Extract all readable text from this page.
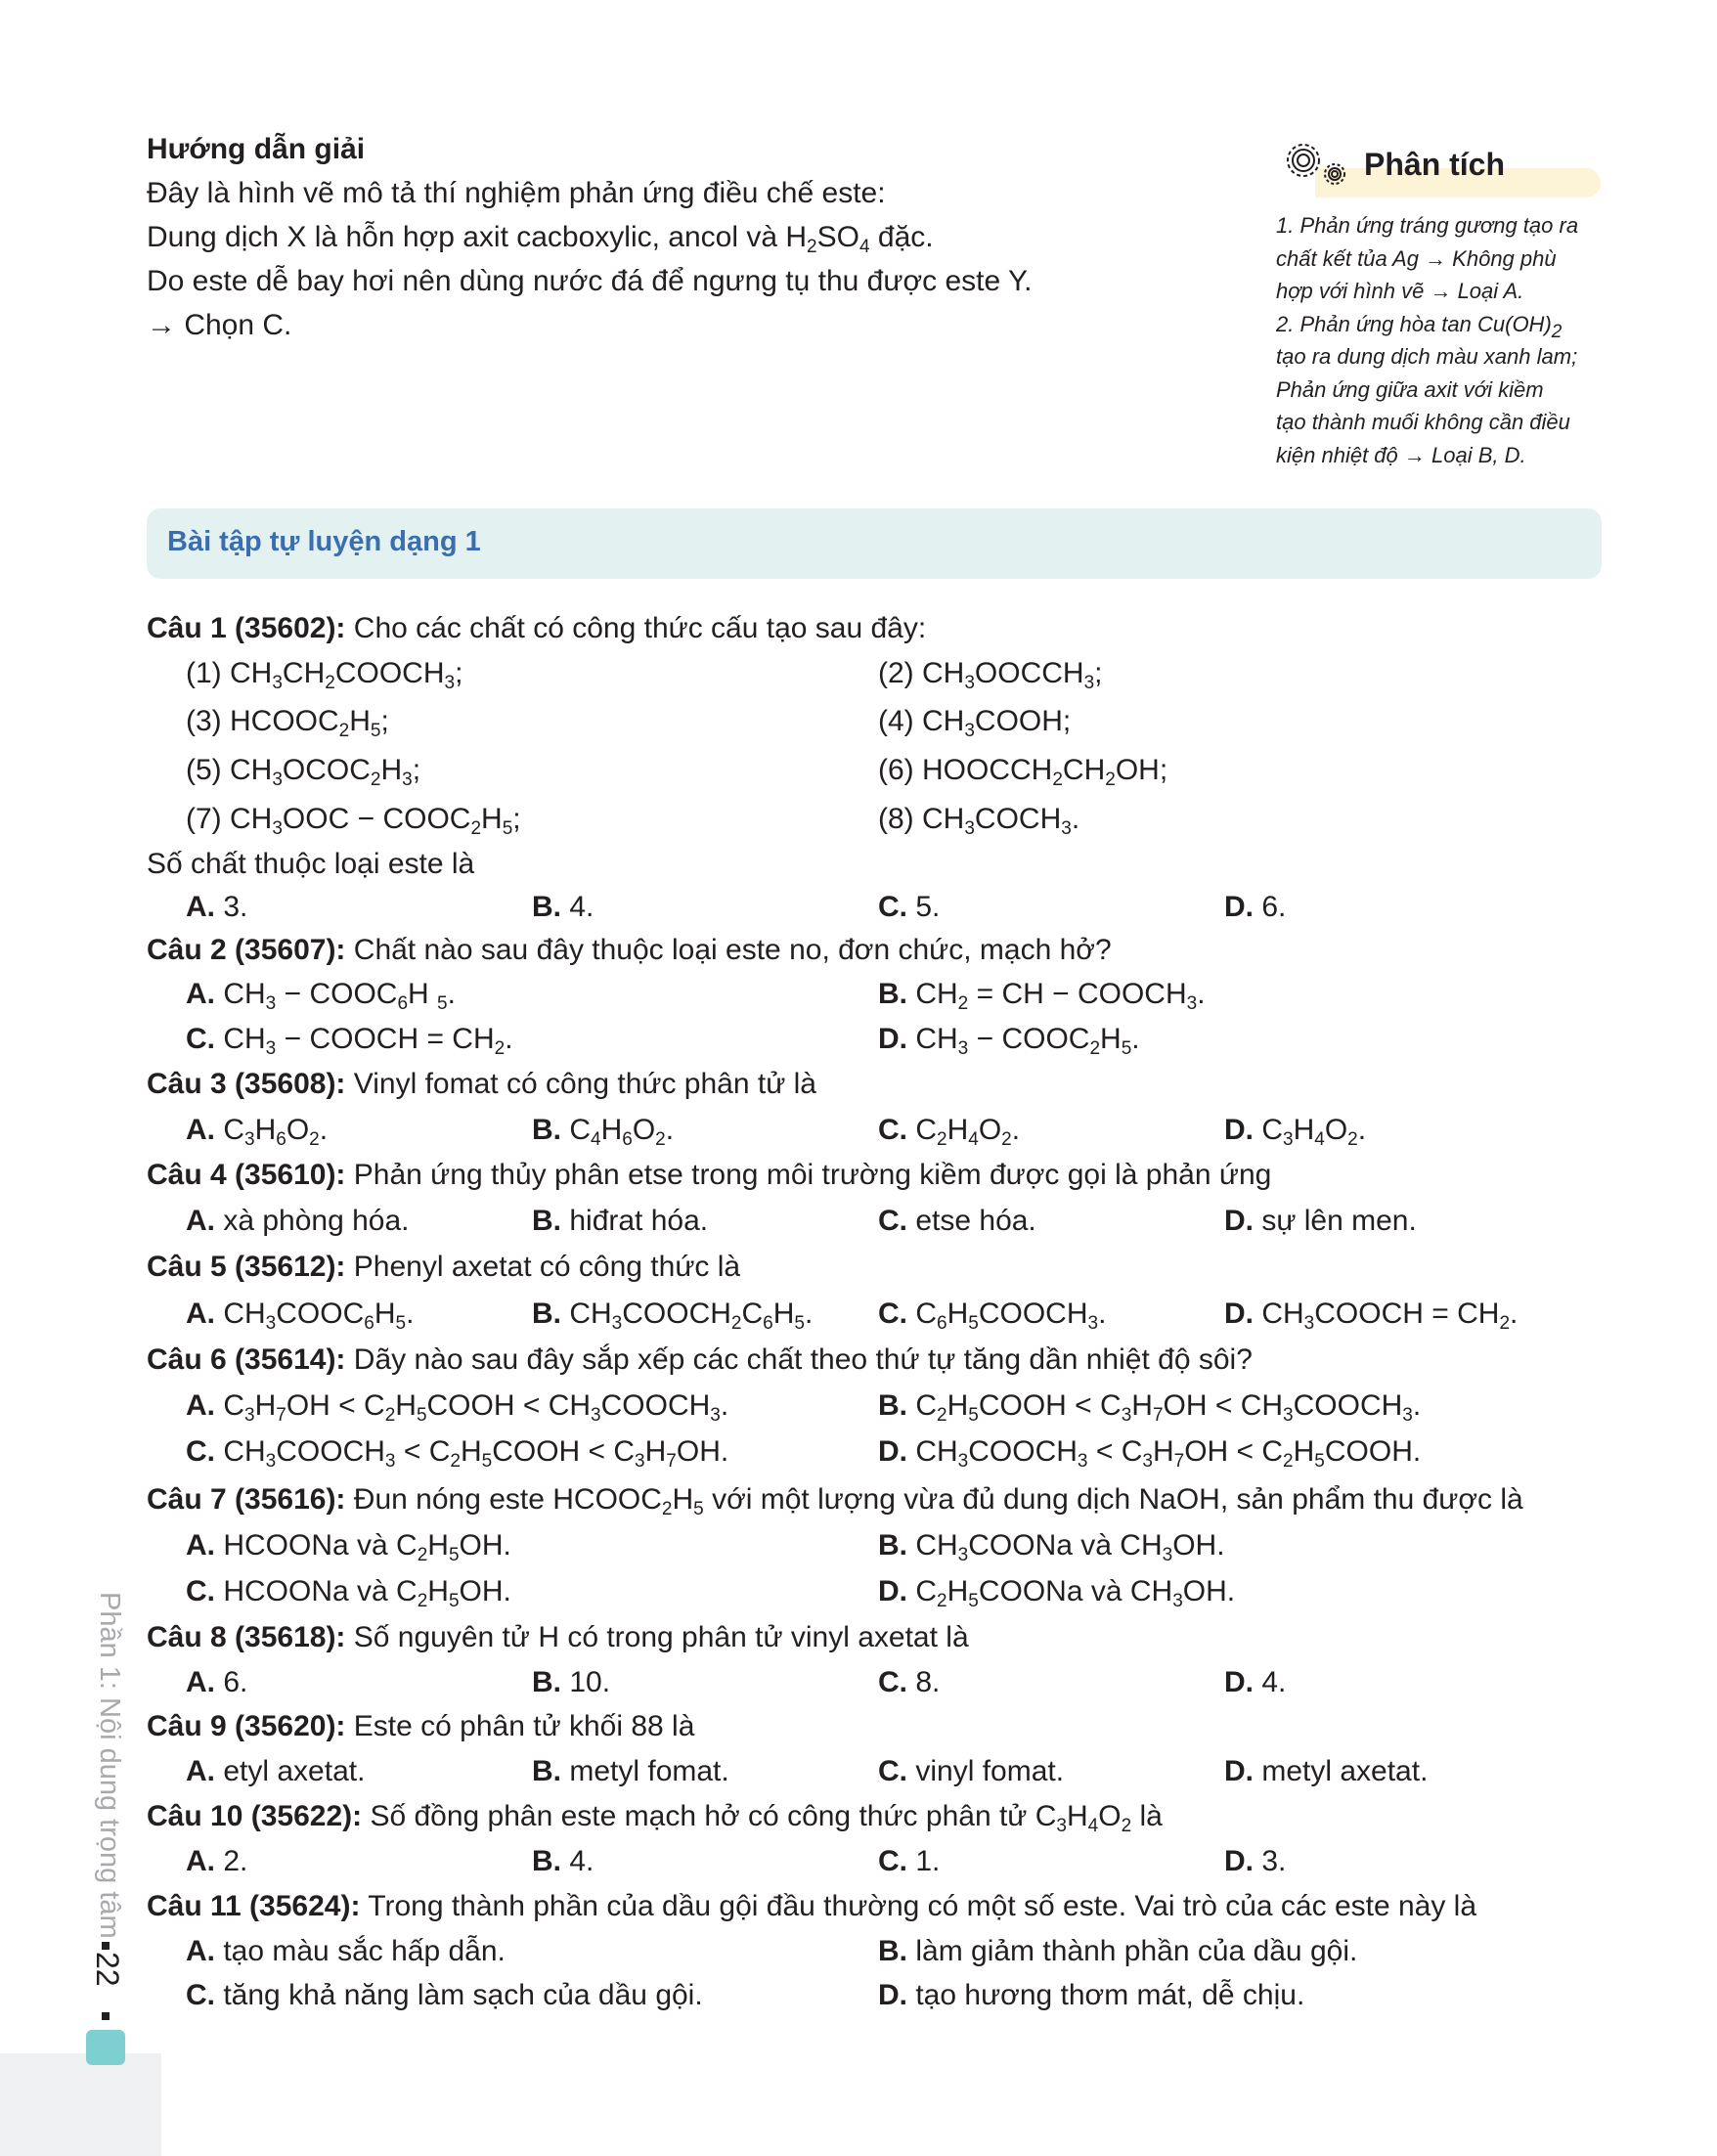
Hướng dẫn giải
Đây là hình vẽ mô tả thí nghiệm phản ứng điều chế este:
Dung dịch X là hỗn hợp axit cacboxylic, ancol và $H_2SO_4$ đặc.
Do este dễ bay hơi nên dùng nước đá để ngưng tụ thu được este Y.
→ Chọn C.
Phân tích
1. Phản ứng tráng gương tạo ra
chất kết tủa Ag → Không phù
hợp với hình vẽ → Loại A.
2. Phản ứng hòa $\tan Cu(OH)_2$
tạo ra dung dịch màu xanh lam;
Phản ứng giữa axit với kiềm
tạo thành muối không cần điều
kiện nhiệt độ → Loại B, D.
Bài tập tự luyện dạng 1
Câu 1 (35602): Cho các chất có công thức cấu tạo sau đây:
(1) $CH_3CH_2COOCH_3$;	(2) $CH_3OOCCH_3$;
(3) $HCOOC_2H_5$;	(4) $CH_3COOH$;
(5) $CH_3OCOC_2H_3$;	(6) $HOOCCH_2CH_2OH$;
(7) $CH_3OOC$ − $COOC_2H_5$;	(8) $CH_3COCH_3$.
Số chất thuộc loại este là
A. 3.	B. 4.	C. 5.	D. 6.
Câu 2 (35607): Chất nào sau đây thuộc loại este no, đơn chức, mạch hở?
A. $CH_3$ − $COOC_6H$ $_5$.	B. $CH_2$ = CH − $COOCH_3$.
C. $CH_3$ − COOCH = $CH_2$.	D. $CH_3$ − $COOC_2H_5$.
Câu 3 (35608): Vinyl fomat có công thức phân tử là
A. $C_3H_6O_2$.	B. $C_4H_6O_2$.	C. $C_2H_4O_2$.	D. $C_3H_4O_2$.
Câu 4 (35610): Phản ứng thủy phân etse trong môi trường kiềm được gọi là phản ứng
A. xà phòng hóa.	B. hiđrat hóa.	C. etse hóa.	D. sự lên men.
Câu 5 (35612): Phenyl axetat có công thức là
A. $CH_3COOC_6H_5$.	B. $CH_3COOCH_2C_6H_5$. C. $C_6H_5COOCH_3$.	D. $CH_3COOCH = CH_2$.
Câu 6 (35614): Dãy nào sau đây sắp xếp các chất theo thứ tự tăng dần nhiệt độ sôi?
A. $C_3H_7OH$ < $C_2H_5COOH$ < $CH_3COOCH_3$.	B. $C_2H_5COOH < C_3H_7OH$ < $CH_3COOCH_3$.
C. $CH_3COOCH_3$ < $C_2H_5COOH < C_3H_7OH$.	D. $CH_3COOCH_3 < C_3H_7OH$ < $C_2H_5COOH$.
Câu 7 (35616): Đun nóng este $HCOOC_2H_5$ với một lượng vừa đủ dung dịch NaOH, sản phẩm thu được là
A. HCOONa và $C_2H_5OH$.	B. $CH_3COONa$ và $CH_3OH$.
C. HCOONa và $C_2H_5OH$.	D. $C_2H_5COONa$ và $CH_3OH$.
Câu 8 (35618): Số nguyên tử H có trong phân tử vinyl axetat là
A. 6.	B. 10.	C. 8.	D. 4.
Câu 9 (35620): Este có phân tử khối 88 là
A. etyl axetat.	B. metyl fomat.	C. vinyl fomat.	D. metyl axetat.
Câu 10 (35622): Số đồng phân este mạch hở có công thức phân tử $C_3H_4O_2$ là
A. 2.	B. 4.	C. 1.	D. 3.
Câu 11 (35624): Trong thành phần của dầu gội đầu thường có một số este. Vai trò của các este này là
A. tạo màu sắc hấp dẫn.	B. làm giảm thành phần của dầu gội.
C. tăng khả năng làm sạch của dầu gội.	D. tạo hương thơm mát, dễ chịu.
Phần 1: Nội dung trọng tâm
22
